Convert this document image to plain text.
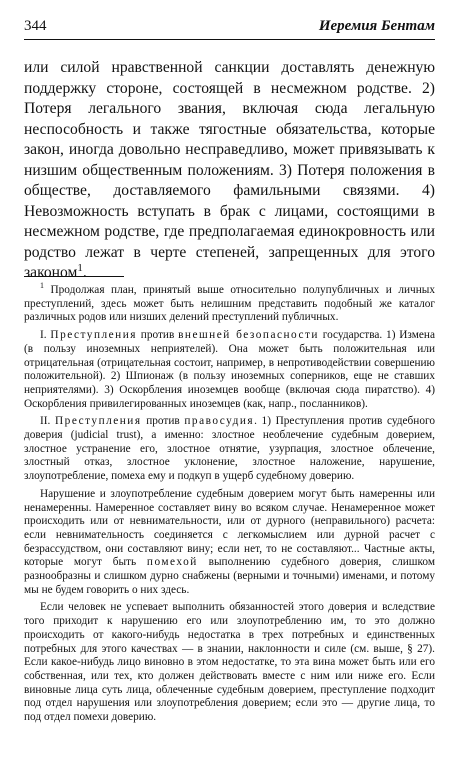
344	Иеремия Бентам

или силой нравственной санкции доставлять денежную поддержку стороне, состоящей в несмежном родстве. 2) Потеря легального звания, включая сюда легальную неспособность и также тягостные обязательства, которые закон, иногда довольно несправедливо, может привязывать к низшим общественным положениям. 3) Потеря положения в обществе, доставляемого фамильными связями. 4) Невозможность вступать в брак с лицами, состоящими в несмежном родстве, где предполагаемая единокровность или родство лежат в черте степеней, запрещенных для этого законом$^1$.

$^1$ Продолжая план, принятый выше относительно полупубличных и личных преступлений, здесь может быть нелишним представить подобный же каталог различных родов или низших делений преступлений публичных.

I. Преступления против внешней безопасности государства. 1) Измена (в пользу иноземных неприятелей). Она может быть положительная или отрицательная (отрицательная состоит, например, в непротиводействии совершению положительной). 2) Шпионаж (в пользу иноземных соперников, еще не ставших неприятелями). 3) Оскорбления иноземцев вообще (включая сюда пиратство). 4) Оскорбления привилегированных иноземцев (как, напр., посланников).

II. Преступления против правосудия. 1) Преступления против судебного доверия (judicial trust), а именно: злостное необлечение судебным доверием, злостное устранение его, злостное отнятие, узурпация, злостное облечение, злостный отказ, злостное уклонение, злостное наложение, нарушение, злоупотребление, помеха ему и подкуп в ущерб судебному доверию.

Нарушение и злоупотребление судебным доверием могут быть намеренны или ненамеренны. Намеренное составляет вину во всяком случае. Ненамеренное может происходить или от невнимательности, или от дурного (неправильного) расчета: если невнимательность соединяется с легкомыслием или дурной расчет с безрассудством, они составляют вину; если нет, то не составляют... Частные акты, которые могут быть помехой выполнению судебного доверия, слишком разнообразны и слишком дурно снабжены (верными и точными) именами, и потому мы не будем говорить о них здесь.

Если человек не успевает выполнить обязанностей этого доверия и вследствие того приходит к нарушению его или злоупотреблению им, то это должно происходить от какого-нибудь недостатка в трех потребных и единственных потребных для этого качествах — в знании, наклонности и силе (см. выше, § 27). Если какое-нибудь лицо виновно в этом недостатке, то эта вина может быть или его собственная, или тех, кто должен действовать вместе с ним или ниже его. Если виновные лица суть лица, облеченные судебным доверием, преступление подходит под отдел нарушения или злоупотребления доверием; если это — другие лица, то под отдел помехи доверию.
